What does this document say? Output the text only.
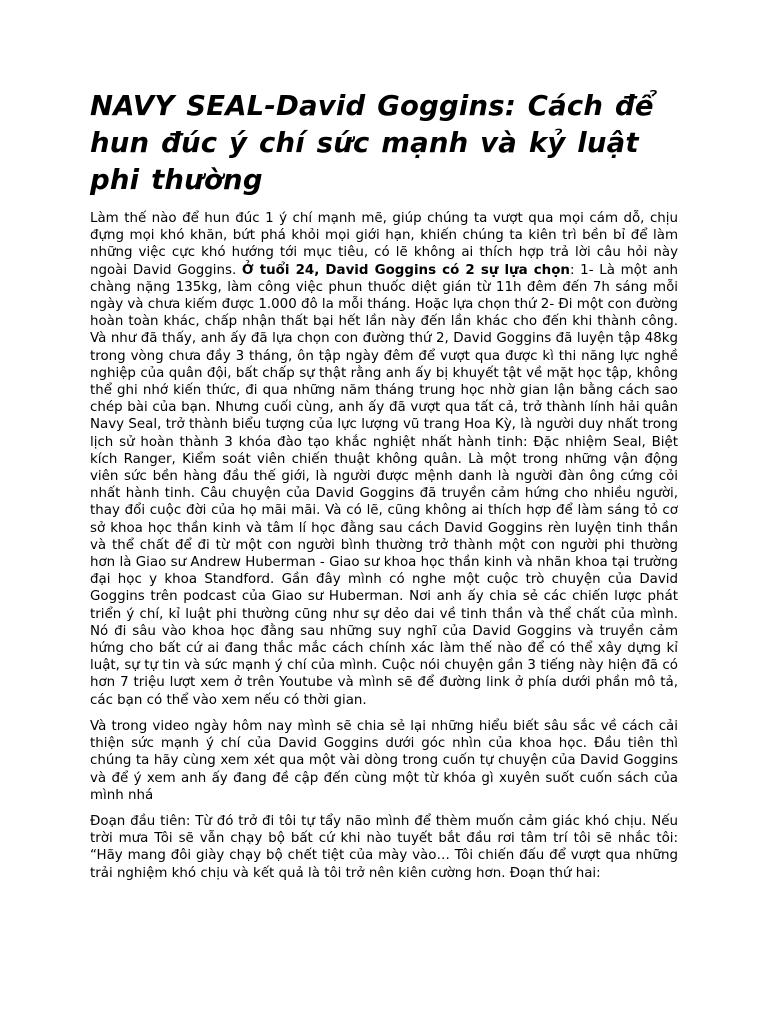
NAVY SEAL-David Goggins: Cách để hun đúc ý chí sức mạnh và kỷ luật phi thường

Làm thế nào để hun đúc 1 ý chí mạnh mẽ, giúp chúng ta vượt qua mọi cám dỗ, chịu đựng mọi khó khăn, bứt phá khỏi mọi giới hạn, khiến chúng ta kiên trì bền bỉ để làm những việc cực khó hướng tới mục tiêu, có lẽ không ai thích hợp trả lời câu hỏi này ngoài David Goggins. Ở tuổi 24, David Goggins có 2 sự lựa chọn: 1- Là một anh chàng nặng 135kg, làm công việc phun thuốc diệt gián từ 11h đêm đến 7h sáng mỗi ngày và chưa kiếm được 1.000 đô la mỗi tháng. Hoặc lựa chọn thứ 2- Đi một con đường hoàn toàn khác, chấp nhận thất bại hết lần này đến lần khác cho đến khi thành công. Và như đã thấy, anh ấy đã lựa chọn con đường thứ 2, David Goggins đã luyện tập 48kg trong vòng chưa đầy 3 tháng, ôn tập ngày đêm để vượt qua được kì thi năng lực nghề nghiệp của quân đội, bất chấp sự thật rằng anh ấy bị khuyết tật về mặt học tập, không thể ghi nhớ kiến thức, đi qua những năm tháng trung học nhờ gian lận bằng cách sao chép bài của bạn. Nhưng cuối cùng, anh ấy đã vượt qua tất cả, trở thành lính hải quân Navy Seal, trở thành biểu tượng của lực lượng vũ trang Hoa Kỳ, là người duy nhất trong lịch sử hoàn thành 3 khóa đào tạo khắc nghiệt nhất hành tinh: Đặc nhiệm Seal, Biệt kích Ranger, Kiểm soát viên chiến thuật không quân. Là một trong những vận động viên sức bền hàng đầu thế giới, là người được mệnh danh là người đàn ông cứng cỏi nhất hành tinh. Câu chuyện của David Goggins đã truyền cảm hứng cho nhiều người, thay đổi cuộc đời của họ mãi mãi. Và có lẽ, cũng không ai thích hợp để làm sáng tỏ cơ sở khoa học thần kinh và tâm lí học đằng sau cách David Goggins rèn luyện tinh thần và thể chất để đi từ một con người bình thường trở thành một con người phi thường hơn là Giao sư Andrew Huberman - Giao sư khoa học thần kinh và nhãn khoa tại trường đại học y khoa Standford. Gần đây mình có nghe một cuộc trò chuyện của David Goggins trên podcast của Giao sư Huberman. Nơi anh ấy chia sẻ các chiến lược phát triển ý chí, kỉ luật phi thường cũng như sự dẻo dai về tinh thần và thể chất của mình. Nó đi sâu vào khoa học đằng sau những suy nghĩ của David Goggins và truyền cảm hứng cho bất cứ ai đang thắc mắc cách chính xác làm thế nào để có thể xây dựng kỉ luật, sự tự tin và sức mạnh ý chí của mình. Cuộc nói chuyện gần 3 tiếng này hiện đã có hơn 7 triệu lượt xem ở trên Youtube và mình sẽ để đường link ở phía dưới phần mô tả, các bạn có thể vào xem nếu có thời gian.

Và trong video ngày hôm nay mình sẽ chia sẻ lại những hiểu biết sâu sắc về cách cải thiện sức mạnh ý chí của David Goggins dưới góc nhìn của khoa học. Đầu tiên thì chúng ta hãy cùng xem xét qua một vài dòng trong cuốn tự chuyện của David Goggins và để ý xem anh ấy đang đề cập đến cùng một từ khóa gì xuyên suốt cuốn sách của mình nhá

Đoạn đầu tiên: Từ đó trở đi tôi tự tẩy não mình để thèm muốn cảm giác khó chịu. Nếu trời mưa Tôi sẽ vẫn chạy bộ bất cứ khi nào tuyết bắt đầu rơi tâm trí tôi sẽ nhắc tôi: “Hãy mang đôi giày chạy bộ chết tiệt của mày vào… Tôi chiến đấu để vượt qua những trải nghiệm khó chịu và kết quả là tôi trở nên kiên cường hơn. Đoạn thứ hai:
